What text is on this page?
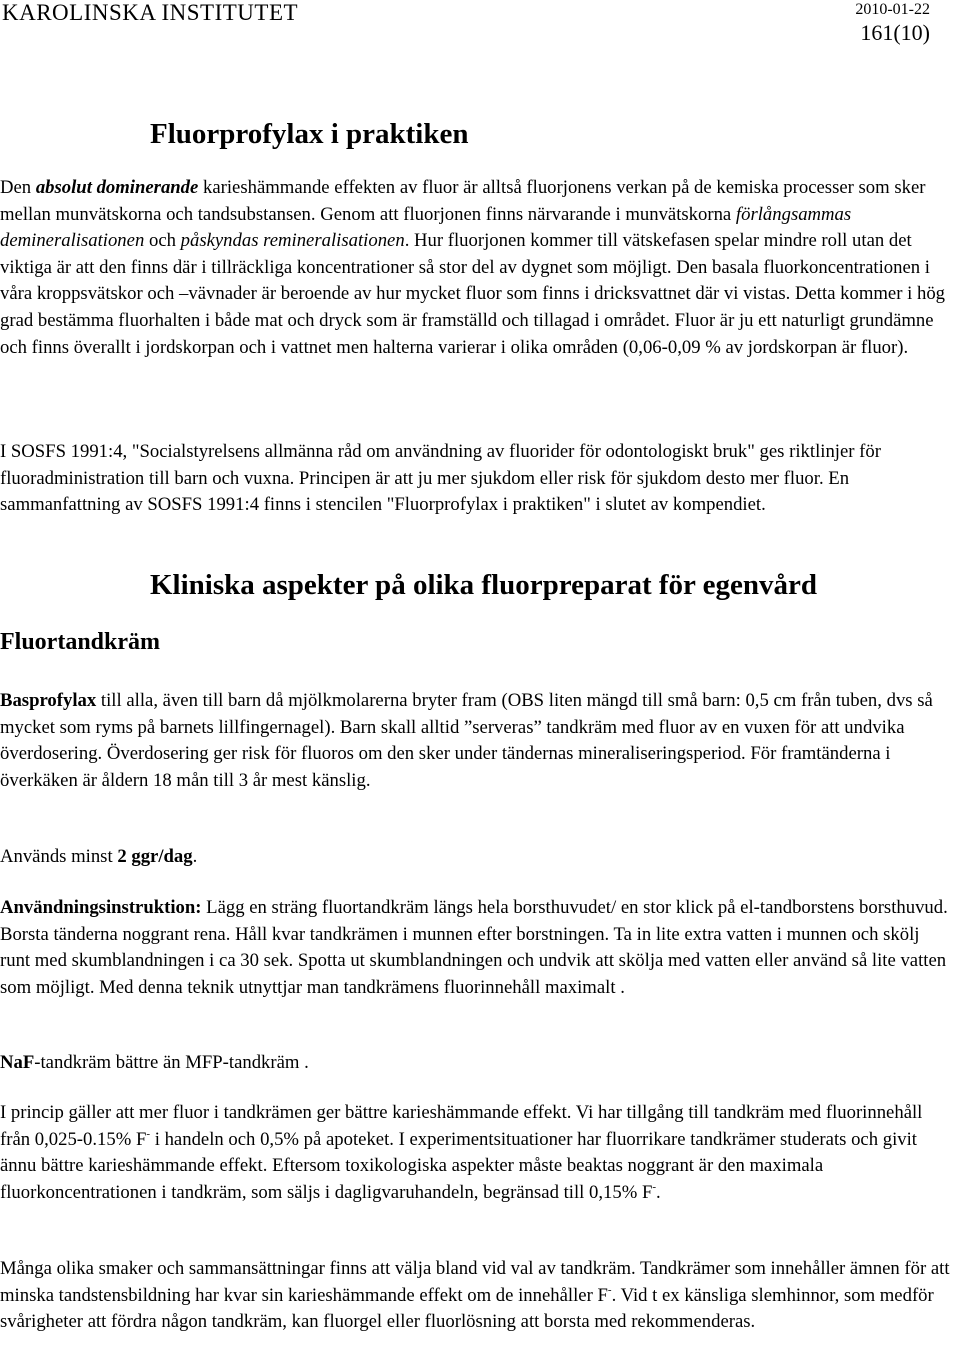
KAROLINSKA INSTITUTET	2010-01-22
161(10)
Fluorprofylax i praktiken

Den absolut dominerande karieshämmande effekten av fluor är alltså fluorjonens verkan på de kemiska processer som sker mellan munvätskorna och tandsubstansen. Genom att fluorjonen finns närvarande i munvätskorna förlångsammas demineralisationen och påskyndas remineralisationen. Hur fluorjonen kommer till vätskefasen spelar mindre roll utan det viktiga är att den finns där i tillräckliga koncentrationer så stor del av dygnet som möjligt. Den basala fluorkoncentrationen i våra kroppsvätskor och –vävnader är beroende av hur mycket fluor som finns i dricksvattnet där vi vistas. Detta kommer i hög grad bestämma fluorhalten i både mat och dryck som är framställd och tillagad i området. Fluor är ju ett naturligt grundämne och finns överallt i jordskorpan och i vattnet men halterna varierar i olika områden (0,06-0,09 % av jordskorpan är fluor).

I SOSFS 1991:4, "Socialstyrelsens allmänna råd om användning av fluorider för odontologiskt bruk" ges riktlinjer för fluoradministration till barn och vuxna. Principen är att ju mer sjukdom eller risk för sjukdom desto mer fluor. En sammanfattning av SOSFS 1991:4 finns i stencilen "Fluorprofylax i praktiken" i slutet av kompendiet.

Kliniska aspekter på olika fluorpreparat för egenvård
Fluortandkräm

Basprofylax till alla, även till barn då mjölkmolarerna bryter fram (OBS liten mängd till små barn: 0,5 cm från tuben, dvs så mycket som ryms på barnets lillfingernagel). Barn skall alltid ”serveras” tandkräm med fluor av en vuxen för att undvika överdosering. Överdosering ger risk för fluoros om den sker under tändernas mineraliseringsperiod. För framtänderna i överkäken är åldern 18 mån till 3 år mest känslig.

Används minst 2 ggr/dag.

Användningsinstruktion: Lägg en sträng fluortandkräm längs hela borsthuvudet/ en stor klick på el-tandborstens borsthuvud. Borsta tänderna noggrant rena. Håll kvar tandkrämen i munnen efter borstningen. Ta in lite extra vatten i munnen och skölj runt med skumblandningen i ca 30 sek. Spotta ut skumblandningen och undvik att skölja med vatten eller använd så lite vatten som möjligt. Med denna teknik utnyttjar man tandkrämens fluorinnehåll maximalt .

NaF-tandkräm bättre än MFP-tandkräm .

I princip gäller att mer fluor i tandkrämen ger bättre karieshämmande effekt. Vi har tillgång till tandkräm med fluorinnehåll från 0,025-0.15% F- i handeln och 0,5% på apoteket. I experimentsituationer har fluorrikare tandkrämer studerats och givit ännu bättre karieshämmande effekt. Eftersom toxikologiska aspekter måste beaktas noggrant är den maximala fluorkoncentrationen i tandkräm, som säljs i dagligvaruhandeln, begränsad till 0,15% F-.

Många olika smaker och sammansättningar finns att välja bland vid val av tandkräm. Tandkrämer som innehåller ämnen för att minska tandstensbildning har kvar sin karieshämmande effekt om de innehåller F-. Vid t ex känsliga slemhinnor, som medför svårigheter att fördra någon tandkräm, kan fluorgel eller fluorlösning att borsta med rekommenderas.
